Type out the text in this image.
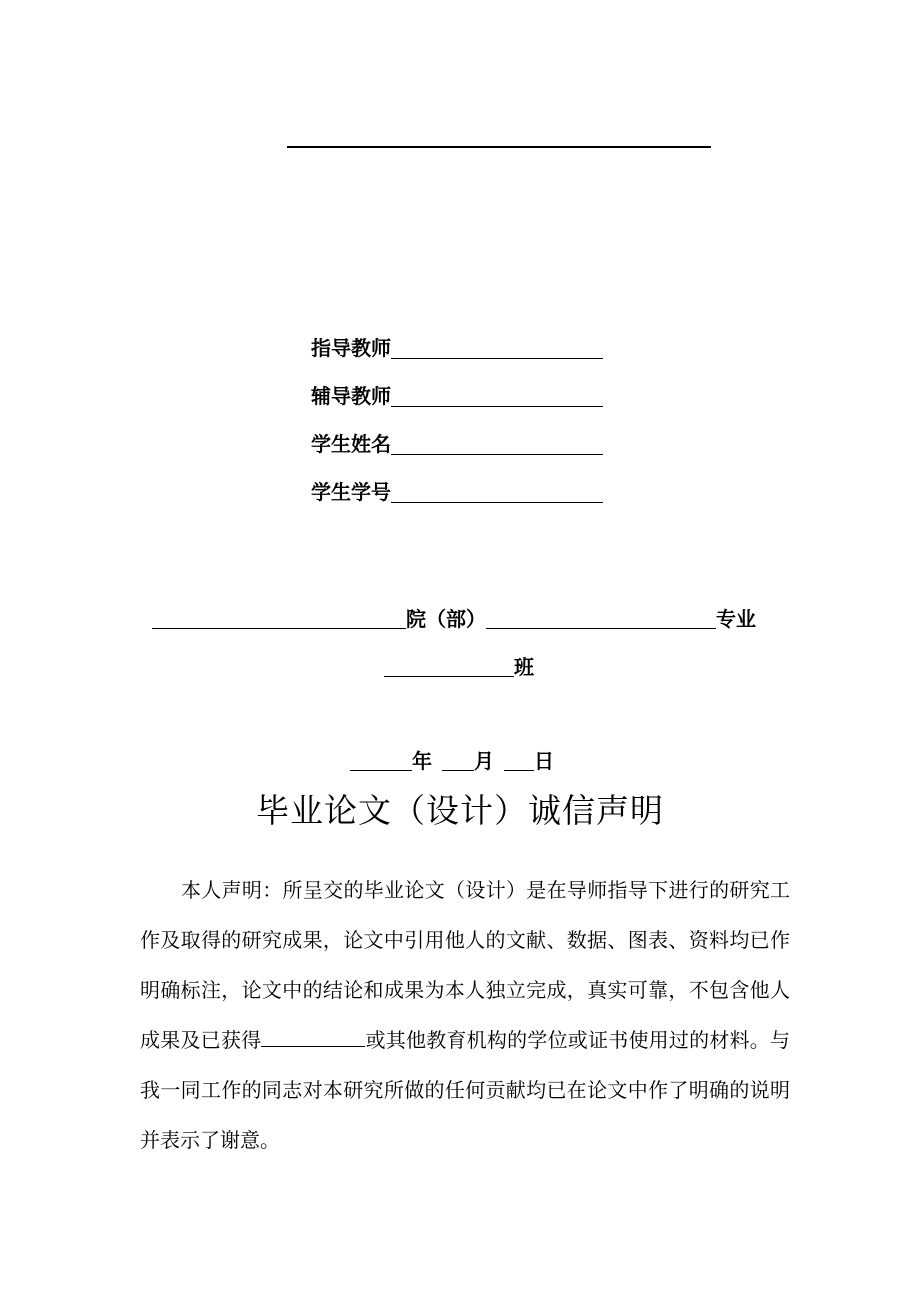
指导教师
辅导教师
学生姓名
学生学号
院（部）	专业
班
年 月 日
毕业论文（设计）诚信声明
本人声明：所呈交的毕业论文（设计）是在导师指导下进行的研究工作及取得的研究成果，论文中引用他人的文献、数据、图表、资料均已作明确标注，论文中的结论和成果为本人独立完成，真实可靠，不包含他人成果及已获得	或其他教育机构的学位或证书使用过的材料。与我一同工作的同志对本研究所做的任何贡献均已在论文中作了明确的说明并表示了谢意。
